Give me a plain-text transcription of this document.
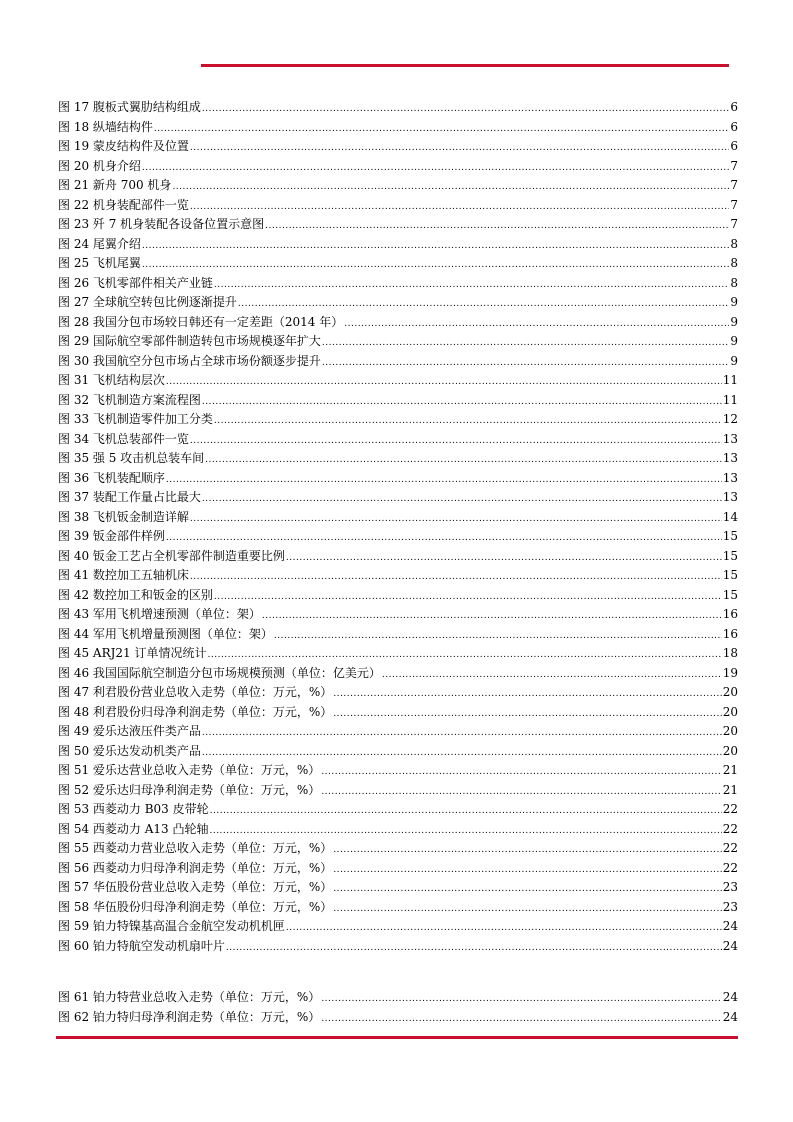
图 17 腹板式翼肋结构组成 .....	6
图 18 纵墙结构件 .....	6
图 19 蒙皮结构件及位置 .....	6
图 20 机身介绍 .....	7
图 21 新舟 700 机身 .....	7
图 22 机身装配部件一览 .....	7
图 23 歼 7 机身装配各设备位置示意图 .....	7
图 24 尾翼介绍 .....	8
图 25 飞机尾翼 .....	8
图 26 飞机零部件相关产业链 .....	8
图 27 全球航空转包比例逐渐提升 .....	9
图 28 我国分包市场较日韩还有一定差距（2014 年） .....	9
图 29 国际航空零部件制造转包市场规模逐年扩大 .....	9
图 30 我国航空分包市场占全球市场份额逐步提升 .....	9
图 31 飞机结构层次 .....	11
图 32 飞机制造方案流程图 .....	11
图 33 飞机制造零件加工分类 .....	12
图 34 飞机总装部件一览 .....	13
图 35 强 5 攻击机总装车间 .....	13
图 36 飞机装配顺序 .....	13
图 37 装配工作量占比最大 .....	13
图 38 飞机钣金制造详解 .....	14
图 39 钣金部件样例 .....	15
图 40 钣金工艺占全机零部件制造重要比例 .....	15
图 41 数控加工五轴机床 .....	15
图 42 数控加工和钣金的区别 .....	15
图 43 军用飞机增速预测（单位：架） .....	16
图 44 军用飞机增量预测图（单位：架） .....	16
图 45 ARJ21 订单情况统计 .....	18
图 46 我国国际航空制造分包市场规模预测（单位：亿美元） .....	19
图 47 利君股份营业总收入走势（单位：万元，%） .....	20
图 48 利君股份归母净利润走势（单位：万元，%） .....	20
图 49 爱乐达液压件类产品 .....	20
图 50 爱乐达发动机类产品 .....	20
图 51 爱乐达营业总收入走势（单位：万元，%） .....	21
图 52 爱乐达归母净利润走势（单位：万元，%） .....	21
图 53 西菱动力 B03 皮带轮 .....	22
图 54 西菱动力 A13 凸轮轴 .....	22
图 55 西菱动力营业总收入走势（单位：万元，%） .....	22
图 56 西菱动力归母净利润走势（单位：万元，%） .....	22
图 57 华伍股份营业总收入走势（单位：万元，%） .....	23
图 58 华伍股份归母净利润走势（单位：万元，%） .....	23
图 59 铂力特镍基高温合金航空发动机机匣 .....	24
图 60 铂力特航空发动机扇叶片 .....	24
图 61 铂力特营业总收入走势（单位：万元，%） .....	24
图 62 铂力特归母净利润走势（单位：万元，%） .....	24
